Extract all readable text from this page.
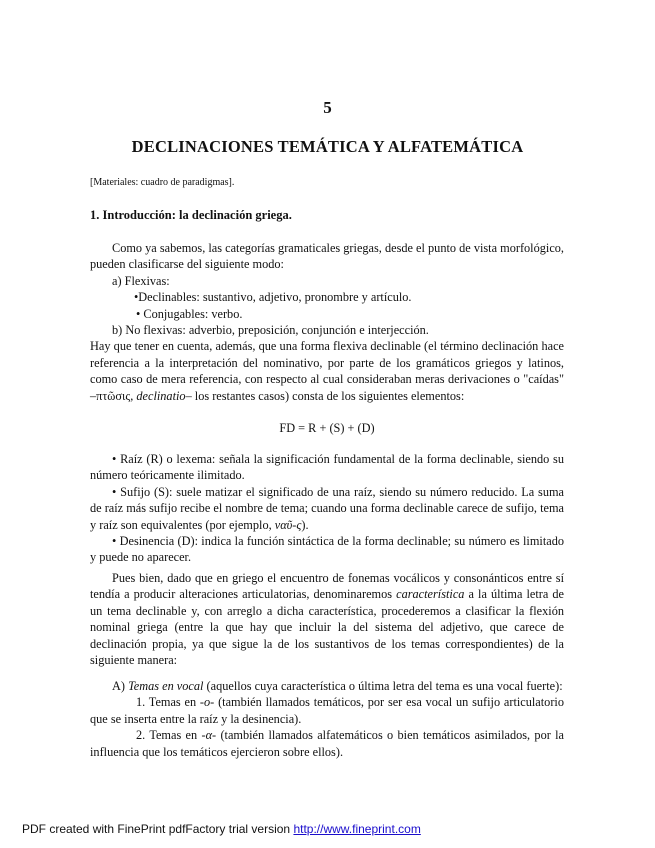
5
DECLINACIONES TEMÁTICA Y ALFATEMÁTICA
[Materiales: cuadro de paradigmas].
1. Introducción: la declinación griega.
Como ya sabemos, las categorías gramaticales griegas, desde el punto de vista morfológico, pueden clasificarse del siguiente modo:
a) Flexivas:
•Declinables: sustantivo, adjetivo, pronombre y artículo.
• Conjugables: verbo.
b) No flexivas: adverbio, preposición, conjunción e interjección.
Hay que tener en cuenta, además, que una forma flexiva declinable (el término declinación hace referencia a la interpretación del nominativo, por parte de los gramáticos griegos y latinos, como caso de mera referencia, con respecto al cual consideraban meras derivaciones o "caídas" –πτῶσις, declinatio– los restantes casos) consta de los siguientes elementos:
FD = R + (S) + (D)
• Raíz (R) o lexema: señala la significación fundamental de la forma declinable, siendo su número teóricamente ilimitado.
• Sufijo (S): suele matizar el significado de una raíz, siendo su número reducido. La suma de raíz más sufijo recibe el nombre de tema; cuando una forma declinable carece de sufijo, tema y raíz son equivalentes (por ejemplo, ναῦ-ς).
• Desinencia (D): indica la función sintáctica de la forma declinable; su número es limitado y puede no aparecer.
Pues bien, dado que en griego el encuentro de fonemas vocálicos y consonánticos entre sí tendía a producir alteraciones articulatorias, denominaremos característica a la última letra de un tema declinable y, con arreglo a dicha característica, procederemos a clasificar la flexión nominal griega (entre la que hay que incluir la del sistema del adjetivo, que carece de declinación propia, ya que sigue la de los sustantivos de los temas correspondientes) de la siguiente manera:
A) Temas en vocal (aquellos cuya característica o última letra del tema es una vocal fuerte):
1. Temas en -ο- (también llamados temáticos, por ser esa vocal un sufijo articulatorio que se inserta entre la raíz y la desinencia).
2. Temas en -α- (también llamados alfatemáticos o bien temáticos asimilados, por la influencia que los temáticos ejercieron sobre ellos).
PDF created with FinePrint pdfFactory trial version http://www.fineprint.com
